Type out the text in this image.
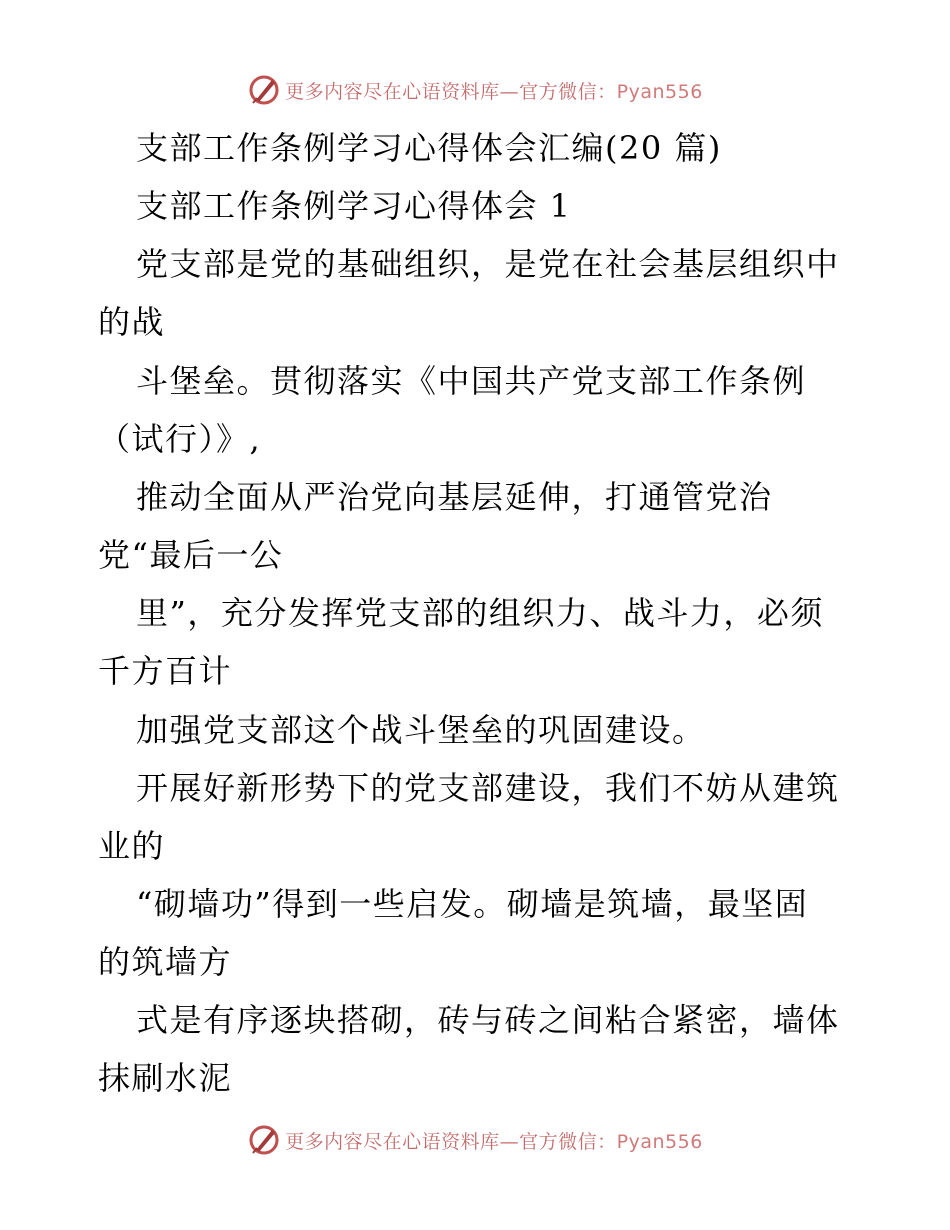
更多内容尽在心语资料库—官方微信：Pyan556
支部工作条例学习心得体会汇编(20 篇)
支部工作条例学习心得体会 1
党支部是党的基础组织，是党在社会基层组织中
的战
斗堡垒。贯彻落实《中国共产党支部工作条例
（试行）》,
推动全面从严治党向基层延伸，打通管党治
党“最后一公
里”，充分发挥党支部的组织力、战斗力，必须
千方百计
加强党支部这个战斗堡垒的巩固建设。
开展好新形势下的党支部建设，我们不妨从建筑
业的
“砌墙功”得到一些启发。砌墙是筑墙，最坚固
的筑墙方
式是有序逐块搭砌，砖与砖之间粘合紧密，墙体
抹刷水泥
更多内容尽在心语资料库—官方微信：Pyan556
